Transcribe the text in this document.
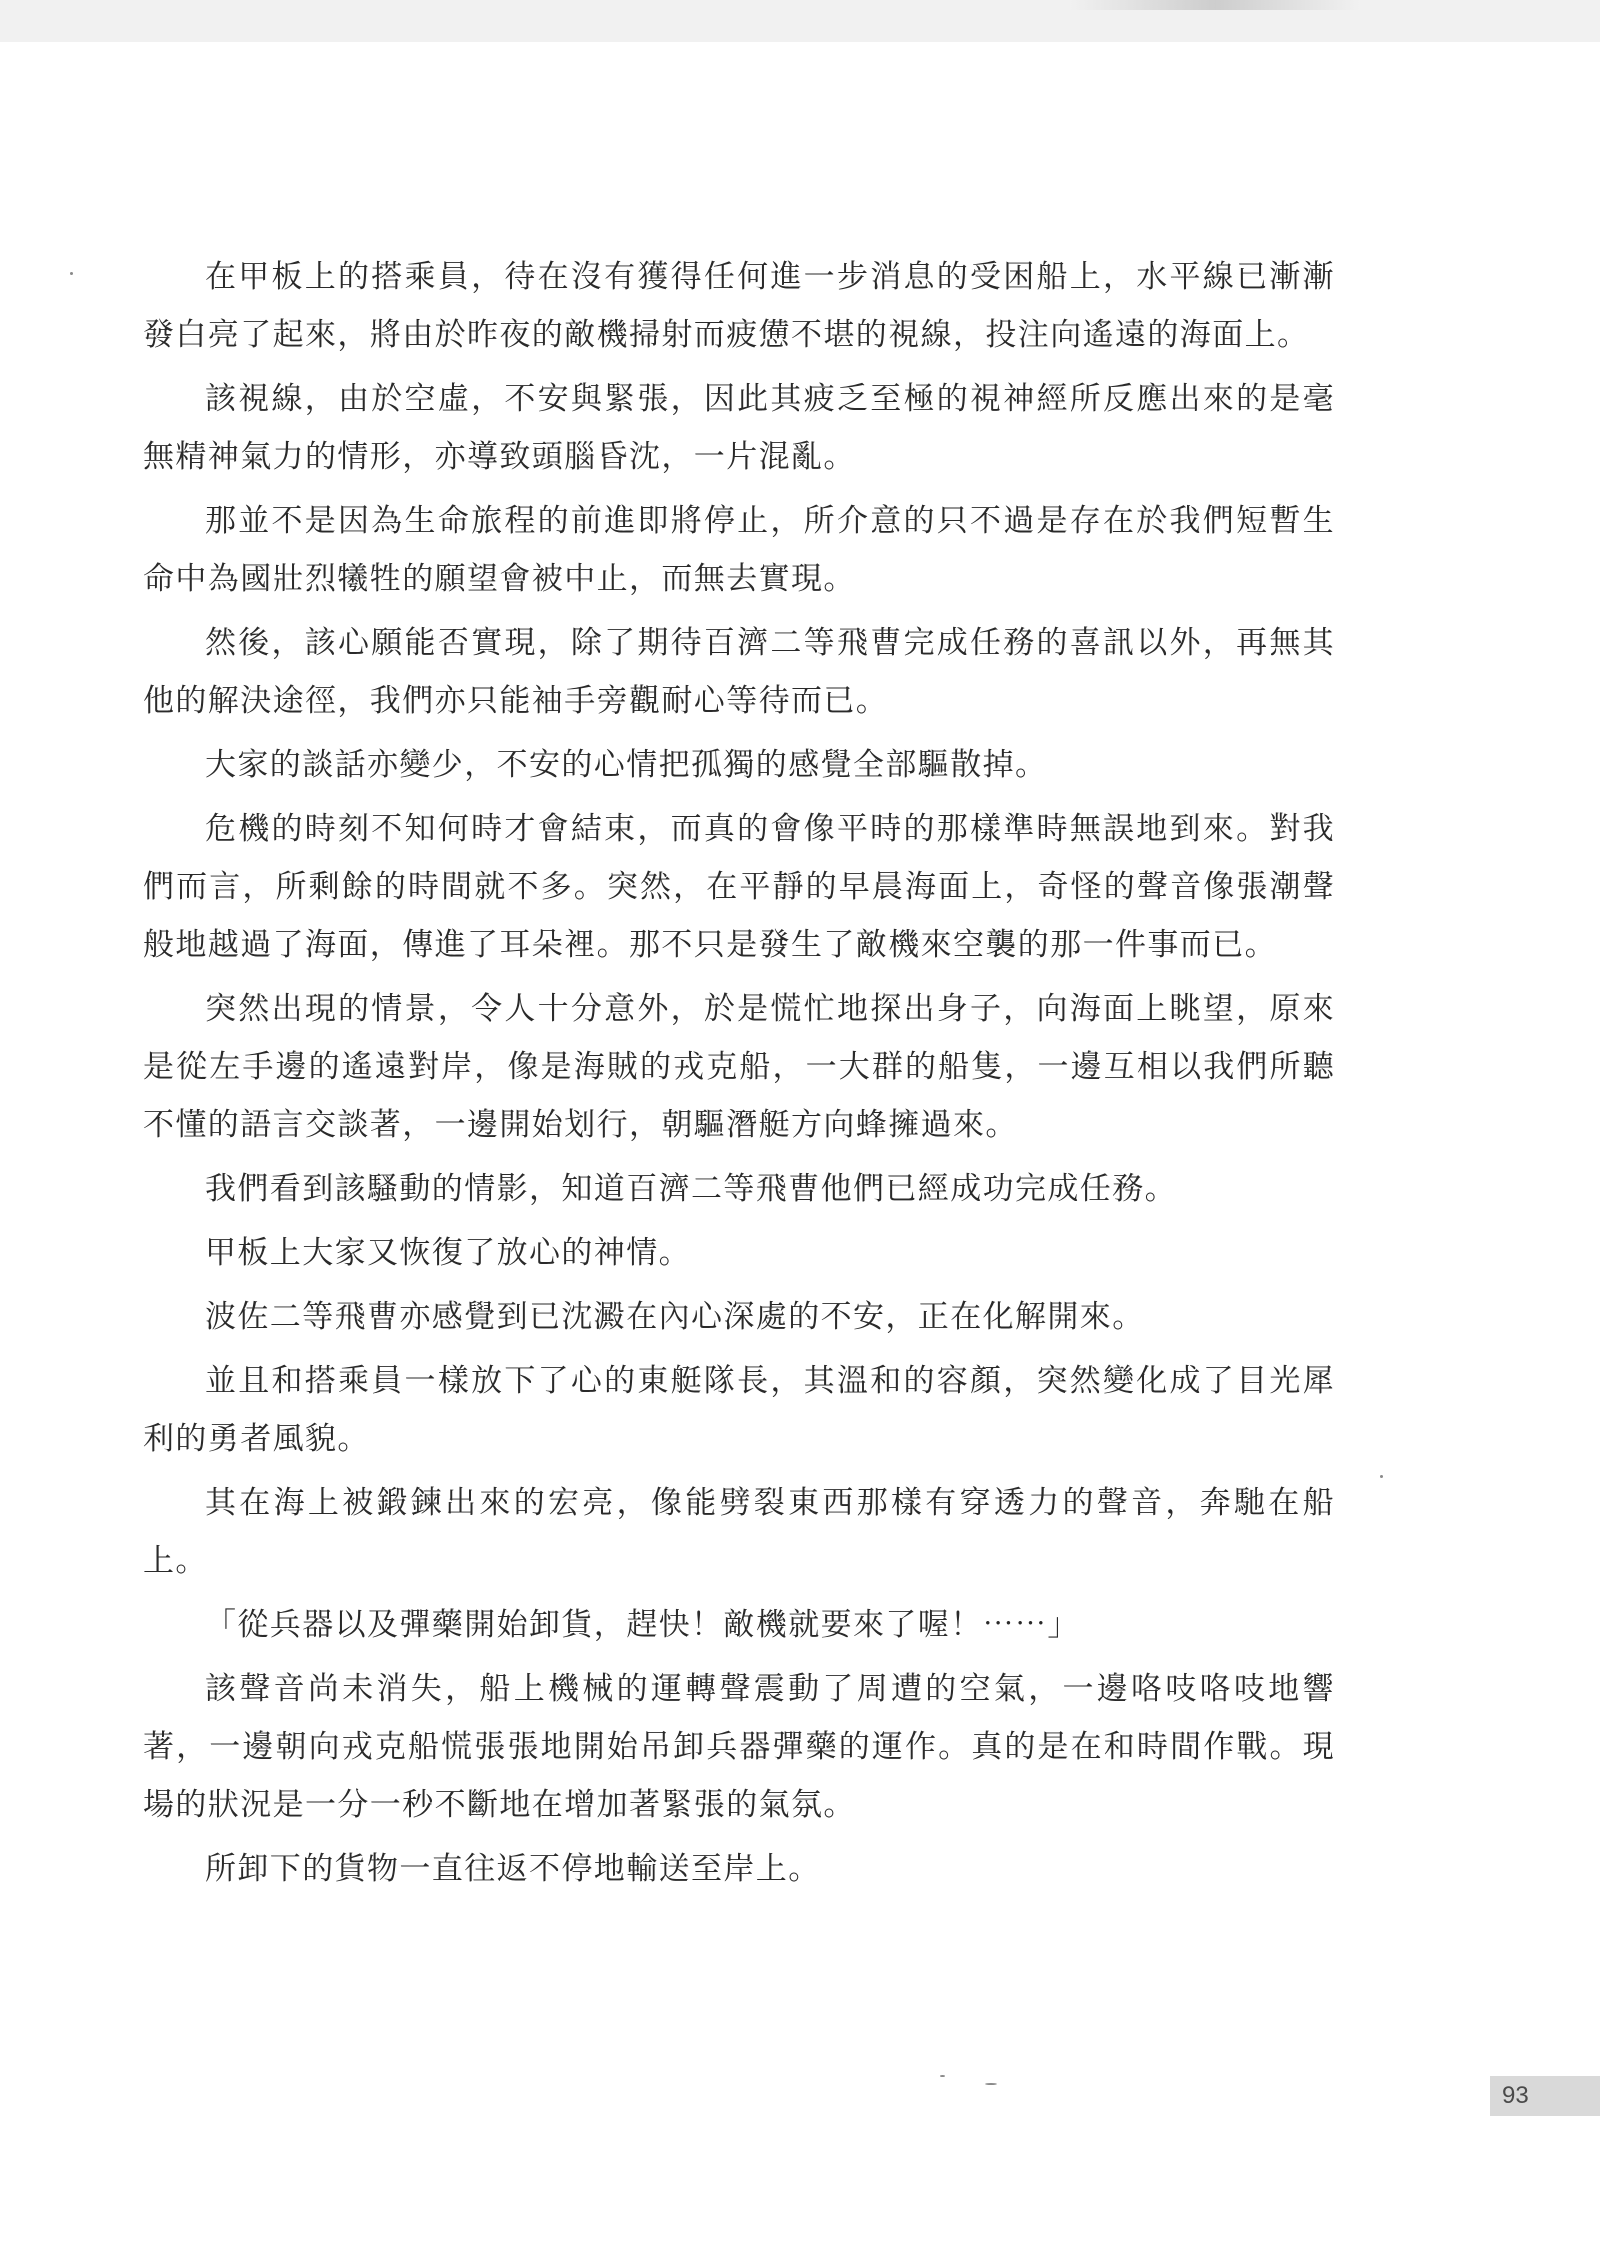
在甲板上的搭乘員，待在沒有獲得任何進一步消息的受困船上，水平線已漸漸發白亮了起來，將由於昨夜的敵機掃射而疲憊不堪的視線，投注向遙遠的海面上。

該視線，由於空虛，不安與緊張，因此其疲乏至極的視神經所反應出來的是毫無精神氣力的情形，亦導致頭腦昏沈，一片混亂。

那並不是因為生命旅程的前進即將停止，所介意的只不過是存在於我們短暫生命中為國壯烈犧牲的願望會被中止，而無去實現。

然後，該心願能否實現，除了期待百濟二等飛曹完成任務的喜訊以外，再無其他的解決途徑，我們亦只能袖手旁觀耐心等待而已。

大家的談話亦變少，不安的心情把孤獨的感覺全部驅散掉。

危機的時刻不知何時才會結束，而真的會像平時的那樣準時無誤地到來。對我們而言，所剩餘的時間就不多。突然，在平靜的早晨海面上，奇怪的聲音像張潮聲般地越過了海面，傳進了耳朵裡。那不只是發生了敵機來空襲的那一件事而已。

突然出現的情景，令人十分意外，於是慌忙地探出身子，向海面上眺望，原來是從左手邊的遙遠對岸，像是海賊的戎克船，一大群的船隻，一邊互相以我們所聽不懂的語言交談著，一邊開始划行，朝驅潛艇方向蜂擁過來。

我們看到該騷動的情影，知道百濟二等飛曹他們已經成功完成任務。

甲板上大家又恢復了放心的神情。

波佐二等飛曹亦感覺到已沈澱在內心深處的不安，正在化解開來。

並且和搭乘員一樣放下了心的東艇隊長，其溫和的容顏，突然變化成了目光犀利的勇者風貌。

其在海上被鍛鍊出來的宏亮，像能劈裂東西那樣有穿透力的聲音，奔馳在船上。

「從兵器以及彈藥開始卸貨，趕快！敵機就要來了喔！⋯⋯」

該聲音尚未消失，船上機械的運轉聲震動了周遭的空氣，一邊咯吱咯吱地響著，一邊朝向戎克船慌張張地開始吊卸兵器彈藥的運作。真的是在和時間作戰。現場的狀況是一分一秒不斷地在增加著緊張的氣氛。

所卸下的貨物一直往返不停地輸送至岸上。

93
